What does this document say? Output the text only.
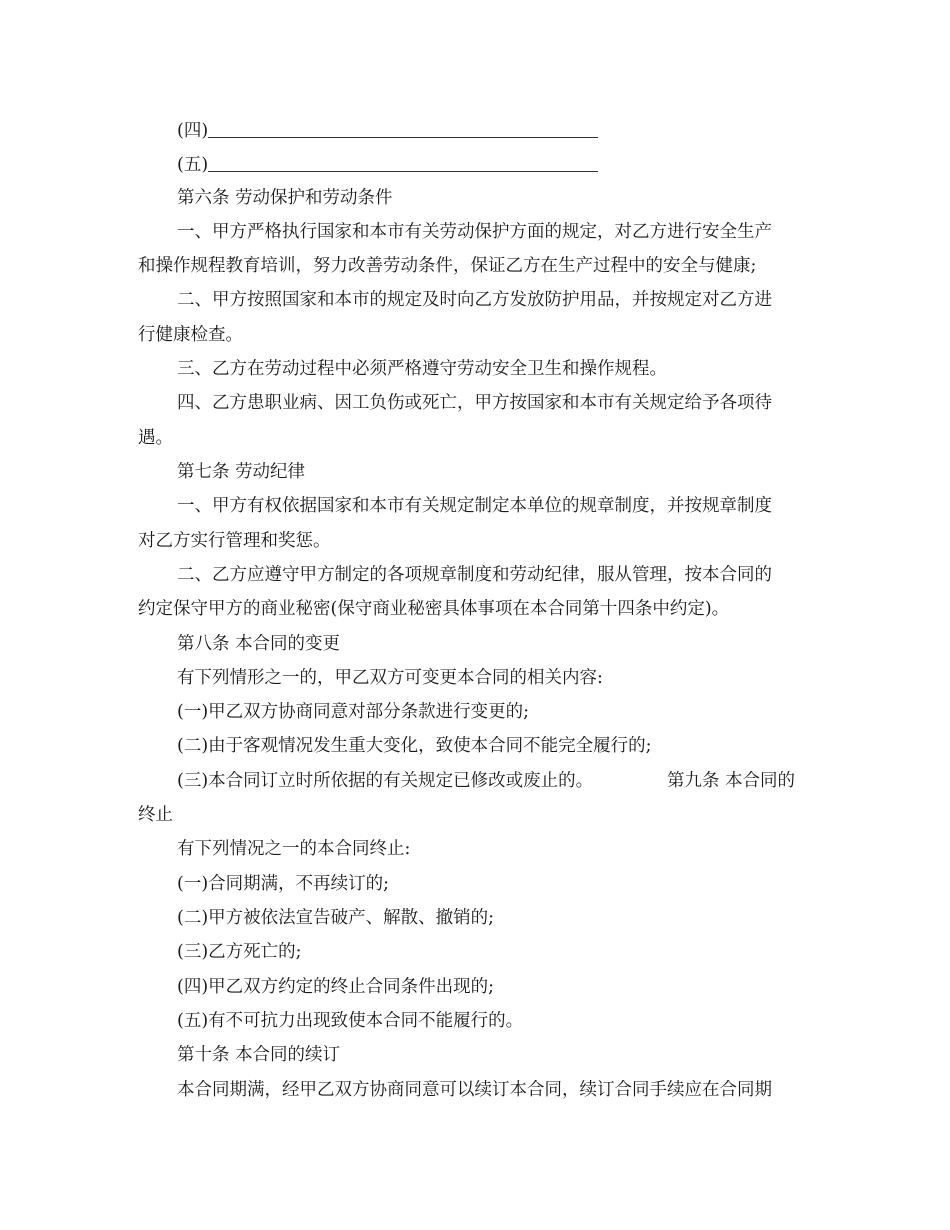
(四)
(五)
第六条 劳动保护和劳动条件
一、甲方严格执行国家和本市有关劳动保护方面的规定，对乙方进行安全生产
和操作规程教育培训，努力改善劳动条件，保证乙方在生产过程中的安全与健康;
二、甲方按照国家和本市的规定及时向乙方发放防护用品，并按规定对乙方进
行健康检查。
三、乙方在劳动过程中必须严格遵守劳动安全卫生和操作规程。
四、乙方患职业病、因工负伤或死亡，甲方按国家和本市有关规定给予各项待
遇。
第七条 劳动纪律
一、甲方有权依据国家和本市有关规定制定本单位的规章制度，并按规章制度
对乙方实行管理和奖惩。
二、乙方应遵守甲方制定的各项规章制度和劳动纪律，服从管理，按本合同的
约定保守甲方的商业秘密(保守商业秘密具体事项在本合同第十四条中约定)。
第八条 本合同的变更
有下列情形之一的，甲乙双方可变更本合同的相关内容:
(一)甲乙双方协商同意对部分条款进行变更的;
(二)由于客观情况发生重大变化，致使本合同不能完全履行的;
(三)本合同订立时所依据的有关规定已修改或废止的。	第九条 本合同的
终止
有下列情况之一的本合同终止:
(一)合同期满，不再续订的;
(二)甲方被依法宣告破产、解散、撤销的;
(三)乙方死亡的;
(四)甲乙双方约定的终止合同条件出现的;
(五)有不可抗力出现致使本合同不能履行的。
第十条 本合同的续订
本合同期满，经甲乙双方协商同意可以续订本合同，续订合同手续应在合同期
